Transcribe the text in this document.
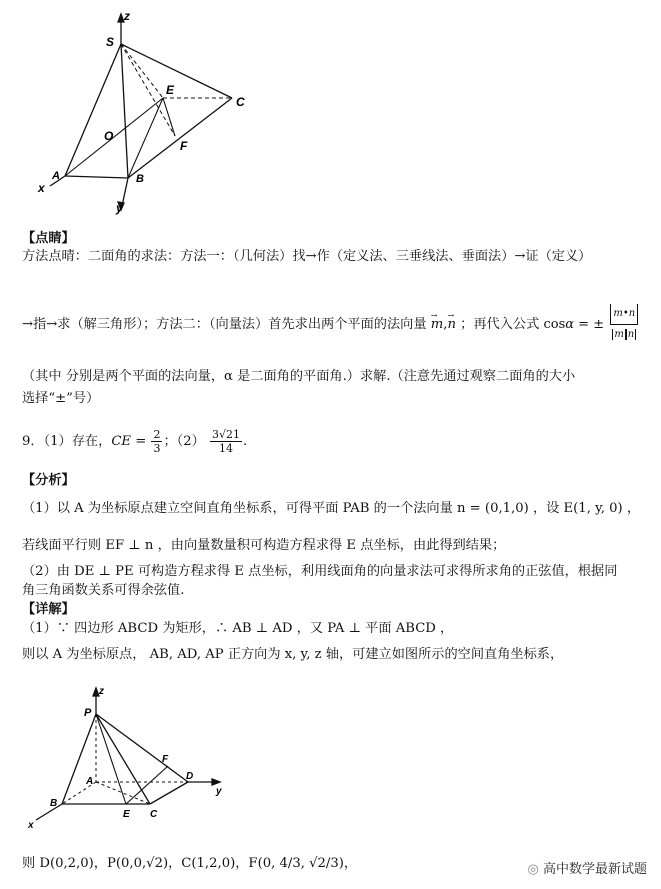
z
S
E
C
O
F
A	B
x
y
【点睛】
方法点晴：二面角的求法：方法一：（几何法）找→作（定义法、三垂线法、垂面法）→证（定义）
→指→求（解三角形）；方法二：（向量法）首先求出两个平面的法向量 → m,→ n ；再代入公式 cosα = ± $\frac{m•n}{\text{m n}}$
（其中 分别是两个平面的法向量，α 是二面角的平面角.）求解.（注意先通过观察二面角的大小
选择“±”号）
9．（1）存在，CE = $\frac{2}{3}$ ；$(2) \frac{3√21}{14}$ .
【分析】
（1）以 A 为坐标原点建立空间直角坐标系，可得平面 PAB 的一个法向量 n = (0,1,0) ，设 E(1, y, 0) ，
若线面平行则 EF ⊥ n ，由向量数量积可构造方程求得 E 点坐标，由此得到结果；
（2）由 DE ⊥ PE 可构造方程求得 E 点坐标，利用线面角的向量求法可求得所求角的正弦值，根据同
角三角函数关系可得余弦值.
【详解】
（1）∵ 四边形 ABCD 为矩形，∴ AB ⊥ AD ，又 PA ⊥ 平面 ABCD ，
则以 A 为坐标原点， AB, AD, AP 正方向为 x, y, z 轴，可建立如图所示的空间直角坐标系，
z
P
F
A	D
y
B
E C
x
则 D(0,2,0)，P(0,0,√2)，C(1,2,0)，F(0, 4/3, √2/3)，	◎ 高中数学最新试题
